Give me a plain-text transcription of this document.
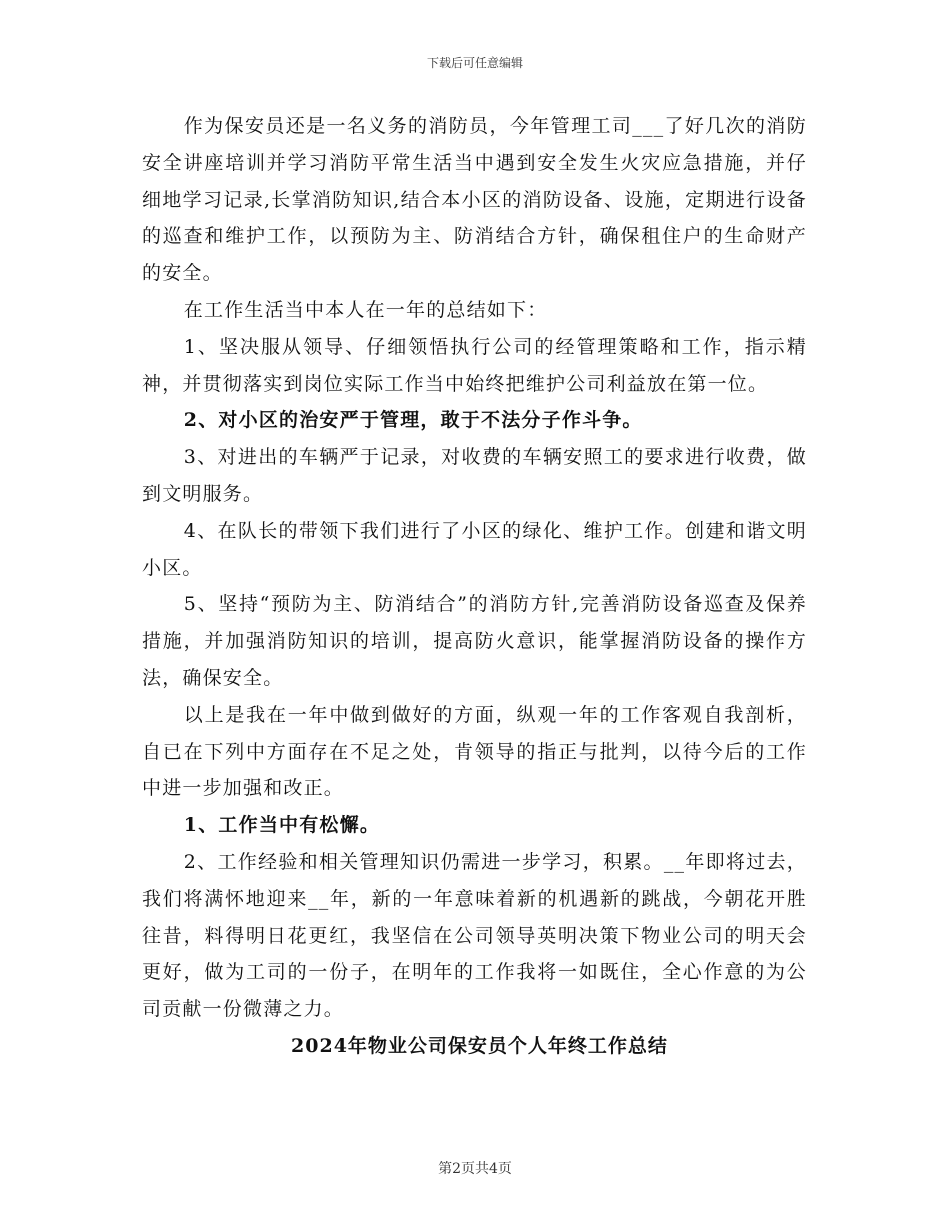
下载后可任意编辑

作为保安员还是一名义务的消防员，今年管理工司___了好几次的消防安全讲座培训并学习消防平常生活当中遇到安全发生火灾应急措施，并仔细地学习记录,长掌消防知识,结合本小区的消防设备、设施，定期进行设备的巡查和维护工作，以预防为主、防消结合方针，确保租住户的生命财产的安全。

在工作生活当中本人在一年的总结如下：

1、坚决服从领导、仔细领悟执行公司的经管理策略和工作，指示精神，并贯彻落实到岗位实际工作当中始终把维护公司利益放在第一位。

2、对小区的治安严于管理，敢于不法分子作斗争。

3、对进出的车辆严于记录，对收费的车辆安照工的要求进行收费，做到文明服务。

4、在队长的带领下我们进行了小区的绿化、维护工作。创建和谐文明小区。

5、坚持“预防为主、防消结合”的消防方针,完善消防设备巡查及保养措施，并加强消防知识的培训，提高防火意识，能掌握消防设备的操作方法，确保安全。

以上是我在一年中做到做好的方面，纵观一年的工作客观自我剖析，自已在下列中方面存在不足之处，肯领导的指正与批判，以待今后的工作中进一步加强和改正。

1、工作当中有松懈。

2、工作经验和相关管理知识仍需进一步学习，积累。__年即将过去，我们将满怀地迎来__年，新的一年意味着新的机遇新的跳战，今朝花开胜往昔，料得明日花更红，我坚信在公司领导英明决策下物业公司的明天会更好，做为工司的一份子，在明年的工作我将一如既住，全心作意的为公司贡献一份微薄之力。

2024年物业公司保安员个人年终工作总结

第2页共4页
